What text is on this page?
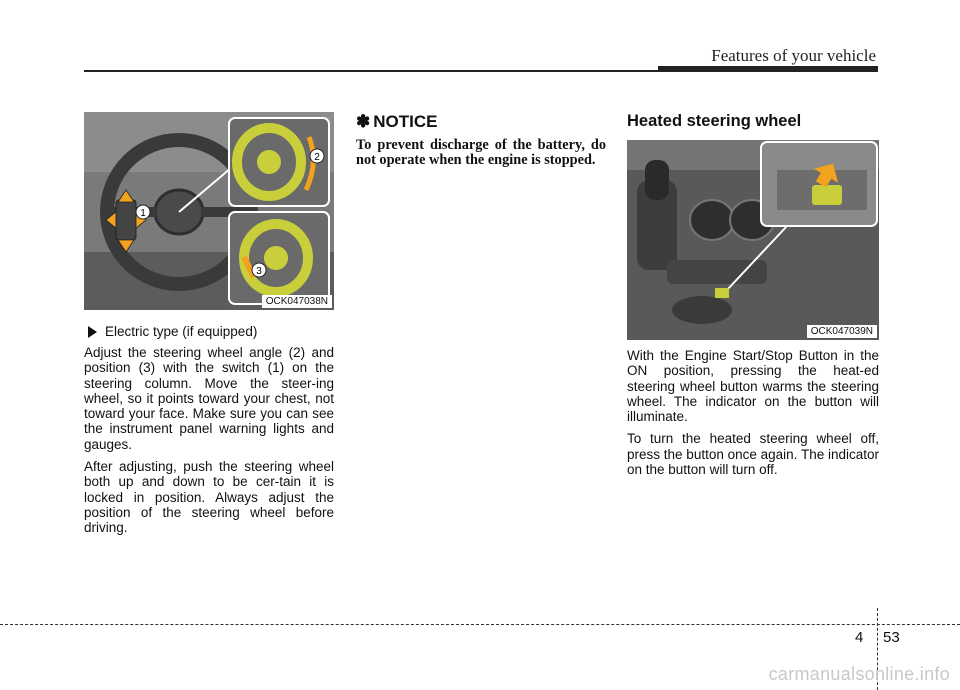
Features of your vehicle
1
2
3
OCK047038N
Electric type (if equipped)

Adjust the steering wheel angle (2) and position (3) with the switch (1) on the steering column. Move the steer-ing wheel, so it points toward your chest, not toward your face. Make sure you can see the instrument panel warning lights and gauges.

After adjusting, push the steering wheel both up and down to be cer-tain it is locked in position. Always adjust the position of the steering wheel before driving.

✽ NOTICE
To prevent discharge of the battery, do not operate when the engine is stopped.
Heated steering wheel
OCK047039N

With the Engine Start/Stop Button in the ON position, pressing the heat-ed steering wheel button warms the steering wheel. The indicator on the button will illuminate.

To turn the heated steering wheel off, press the button once again. The indicator on the button will turn off.

4 53
carmanualsonline.info
